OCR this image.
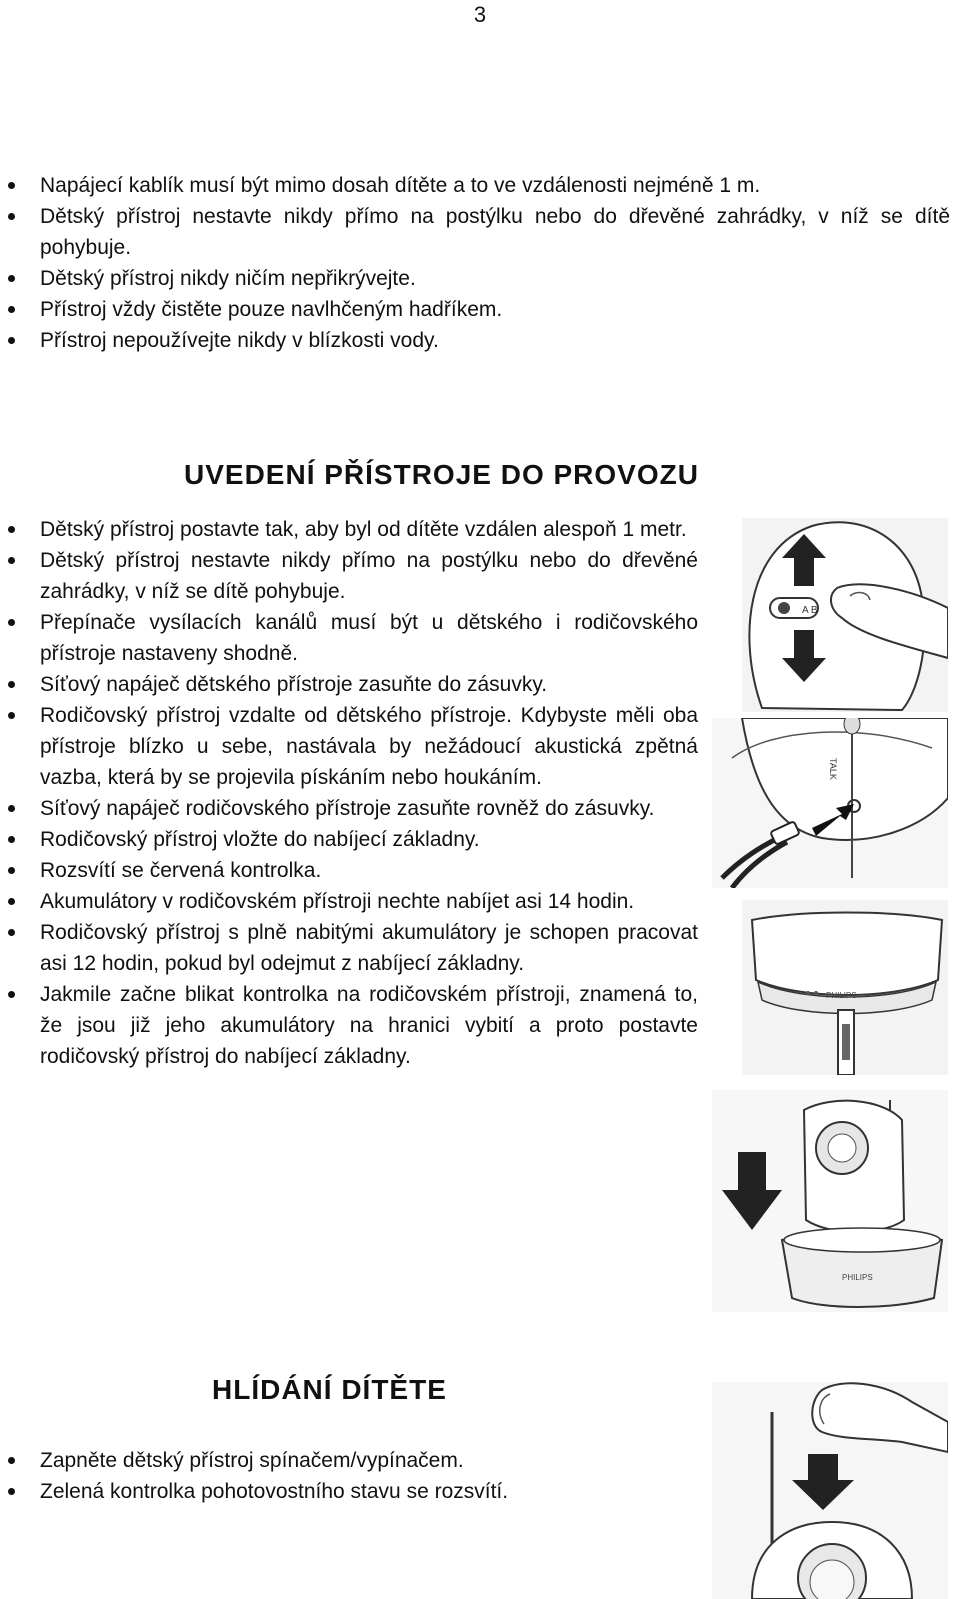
3
Napájecí kablík musí být mimo dosah dítěte a to ve vzdálenosti nejméně 1 m.
Dětský přístroj nestavte nikdy přímo na postýlku nebo do dřevěné zahrádky, v níž se dítě pohybuje.
Dětský přístroj nikdy ničím nepřikrývejte.
Přístroj vždy čistěte pouze navlhčeným hadříkem.
Přístroj nepoužívejte nikdy v blízkosti vody.
UVEDENÍ PŘÍSTROJE DO PROVOZU
Dětský přístroj postavte tak, aby byl od dítěte vzdálen alespoň 1 metr.
Dětský přístroj nestavte nikdy přímo na postýlku nebo do dřevěné zahrádky, v níž se dítě pohybuje.
Přepínače vysílacích kanálů musí být u dětského i rodičovského přístroje nastaveny shodně.
Síťový napáječ dětského přístroje zasuňte do zásuvky.
Rodičovský přístroj vzdalte od dětského přístroje. Kdybyste měli oba přístroje blízko u sebe, nastávala by nežádoucí akustická zpětná vazba, která by se projevila pískáním nebo houkáním.
Síťový napáječ rodičovského přístroje zasuňte rovněž do zásuvky.
Rodičovský přístroj vložte do nabíjecí základny.
Rozsvítí se červená kontrolka.
Akumulátory v rodičovském přístroji nechte nabíjet asi 14 hodin.
Rodičovský přístroj s plně nabitými akumulátory je schopen pracovat asi 12 hodin, pokud byl odejmut z nabíjecí základny.
Jakmile začne blikat kontrolka na rodičovském přístroji, znamená to, že jsou již jeho akumulátory na hranici vybití a proto postavte rodičovský přístroj do nabíjecí základny.
HLÍDÁNÍ DÍTĚTE
Zapněte dětský přístroj spínačem/vypínačem.
Zelená kontrolka pohotovostního stavu se rozsvítí.
A B
TALK
PHILIPS
PHILIPS
